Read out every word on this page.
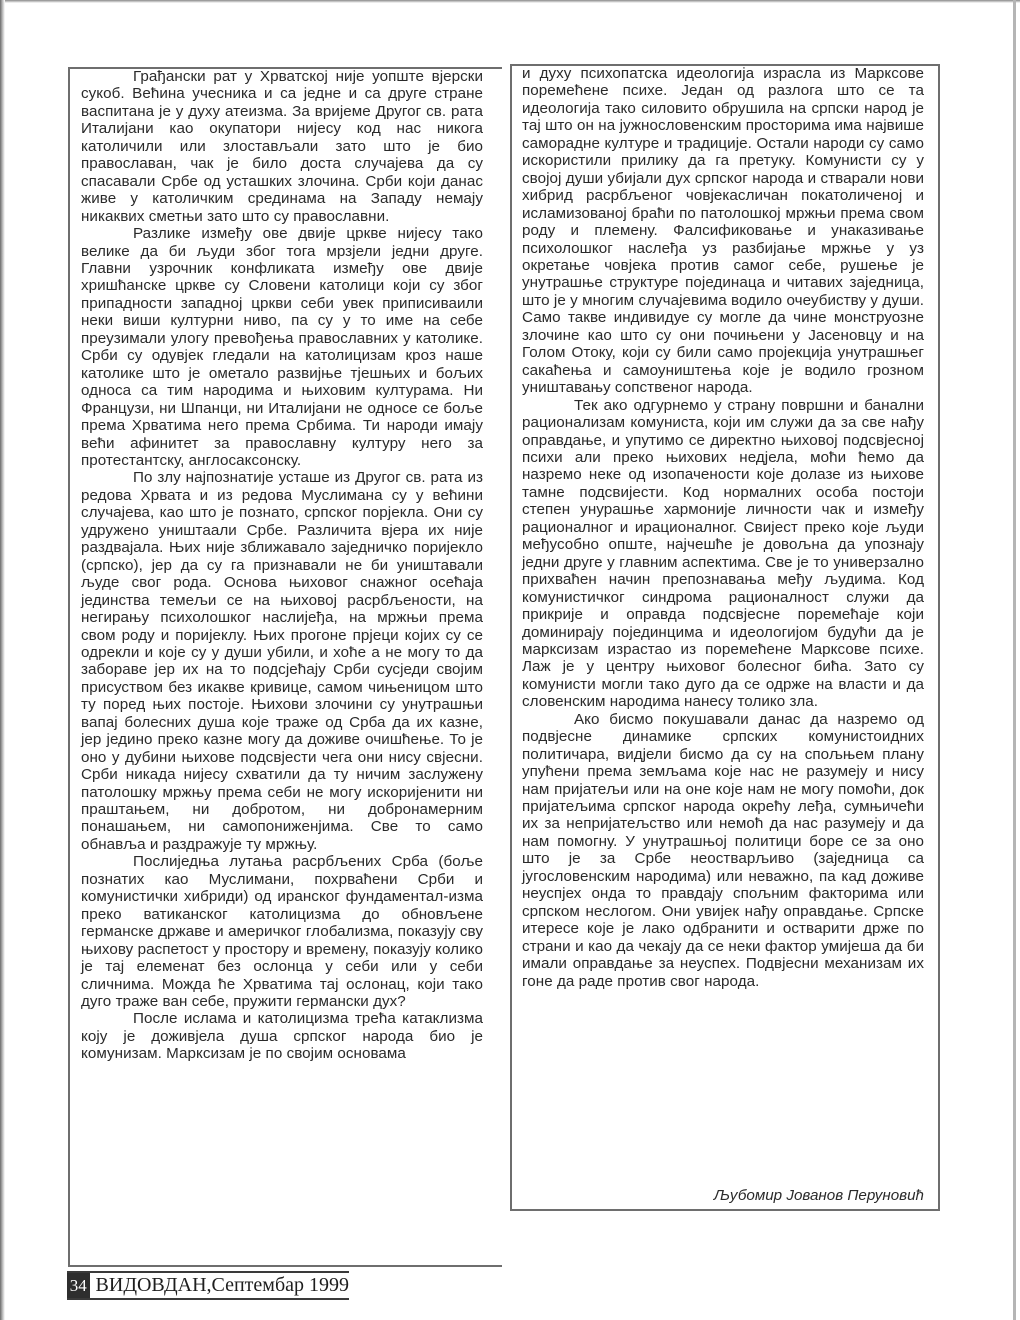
Грађански рат у Хрватској није уопште вјерски сукоб. Већина учесника и са једне и са друге стране васпитана је у духу атеизма. За вријеме Другог св. рата Италијани као окупатори нијесу код нас никога католичили или злостављали зато што је био православан, чак је било доста случајева да су спасавали Србе од усташких злочина. Срби који данас живе у католичким срединама на Западу немају никаквих сметњи зато што су православни.

Разлике између ове двије цркве нијесу тако велике да би људи због тога мрзјели једни друге. Главни узрочник конфликата између ове двије хришћанске цркве су Словени католици који су због припадности западној цркви себи увек приписиваили неки виши културни ниво, па су у то име на себе преузимали улогу превођења православних у католике. Срби су одувјек гледали на католицизам кроз наше католике што је ометало развијње тјешњих и бољих односа са тим народима и њиховим културама. Ни Французи, ни Шпанци, ни Италијани не односе се боље према Хрватима него према Србима. Ти народи имају већи афинитет за православну културу него за протестантску, англосаксонску.

По злу најпознатије усташе из Другог св. рата из редова Хрвата и из редова Муслимана су у већини случајева, као што је познато, српског порјекла. Они су удружено уништаали Србе. Различита вјера их није раздвајала. Њих није зближавало заједничко поријекло (српско), јер да су га признавали не би уништавали људе свог рода. Основа њиховог снажног осећаја јединства темељи се на њиховој расрбљености, на негирању психолошког наслијеђа, на мржњи према свом роду и поријеклу. Њих прогоне прјеци којих су се одрекли и које су у души убили, и хоће а не могу то да забораве јер их на то подсјећају Срби сусједи својим присуством без икакве кривице, самом чињеницом што ту поред њих постоје. Њихови злочини су унутрашњи вапај болесних душа које траже од Срба да их казне, јер једино преко казне могу да доживе очишћење. То је оно у дубини њихове подсвјести чега они нису свјесни. Срби никада нијесу схватили да ту ничим заслужену патолошку мржњу према себи не могу искоријенити ни праштањем, ни добротом, ни добронамерним понашањем, ни самопониженјима. Све то само обнавља и раздражује ту мржњу.

Послиједња лутања расрбљених Срба (боље познатих као Муслимани, похрваћени Срби и комунистички хибриди) од иранског фундаментал-изма преко ватиканског католицизма до обновљене германске државе и америчког глобализма, показују сву њихову распетост у простору и времену, показују колико је тај елеменат без ослонца у себи или у себи сличнима. Можда ће Хрватима тај ослонац, који тако дуго траже ван себе, пружити германски дух?

После ислама и католицизма трећа катаклизма коју је доживјела душа српског народа био је комунизам. Марксизам је по својим основама

и духу психопатска идеологија израсла из Марксове поремећене психе. Један од разлога што се та идеологија тако силовито обрушила на српски народ је тај што он на јужнословенским просторима има највише саморадне културе и традиције. Остали народи су само искористили прилику да га претуку. Комунисти су у својој души убијали дух српског народа и стварали нови хибрид расрбљеног човјекасличан покатоличеној и исламизованој браћи по патолошкој мржњи према свом роду и племену. Фалсификовање и унаказивање психолошког наслеђа уз разбијање мржње у уз окретање човјека против самог себе, рушење је унутрашње структуре појединаца и читавих заједница, што је у многим случајевима водило очеубиству у души. Само такве индивидуе су могле да чине монструозне злочине као што су они почињени у Јасеновцу и на Голом Отоку, који су били само пројекција унутрашњег сакаћења и самоуништења које је водило грозном уништавању сопственог народа.

Тек ако одгурнемо у страну површни и банални рационализам комуниста, који им служи да за све нађу оправдање, и упутимо се директно њиховој подсвјесној психи али преко њихових недјела, моћи ћемо да назремо неке од изопачености које долазе из њихове тамне подсвијести. Код нормалних особа постоји степен унурашње хармоније личности чак и између рационалног и ирационалног. Свијест преко које људи међусобно опште, најчешће је довољна да упознају једни друге у главним аспектима. Све је то универзално прихваћен начин препознавања међу људима. Код комунистичког синдрома рационалност служи да прикрије и оправда подсвјесне поремећаје који доминирају појединцима и идеологијом будући да је марксизам израстао из поремећене Марксове психе. Лаж је у центру њиховог болесног бића. Зато су комунисти могли тако дуго да се одрже на власти и да словенским народима нанесу толико зла.

Ако бисмо покушавали данас да назремо од подвјесне динамике српских комунистоидних политичара, видјели бисмо да су на спољњем плану упућени према земљама које нас не разумеју и нису нам пријатељи или на оне које нам не могу помоћи, док пријатељима српског народа окрећу леђа, сумњичећи их за непријатељство или немоћ да нас разумеју и да нам помогну. У унутрашњој политици боре се за оно што је за Србе неостварљиво (заједница са југословенским народима) или неважно, па кад доживе неуспјех онда то правдају спољним факторима или српском неслогом. Они увијек нађу оправдање. Српске итересе које је лако одбранити и остварити држе по страни и као да чекају да се неки фактор умијеша да би имали оправдање за неуспех. Подвјесни механизам их гоне да раде против свог народа.

Љубомир Јованов Перуновић
34 ВИДОВДАН,Септембар 1999
